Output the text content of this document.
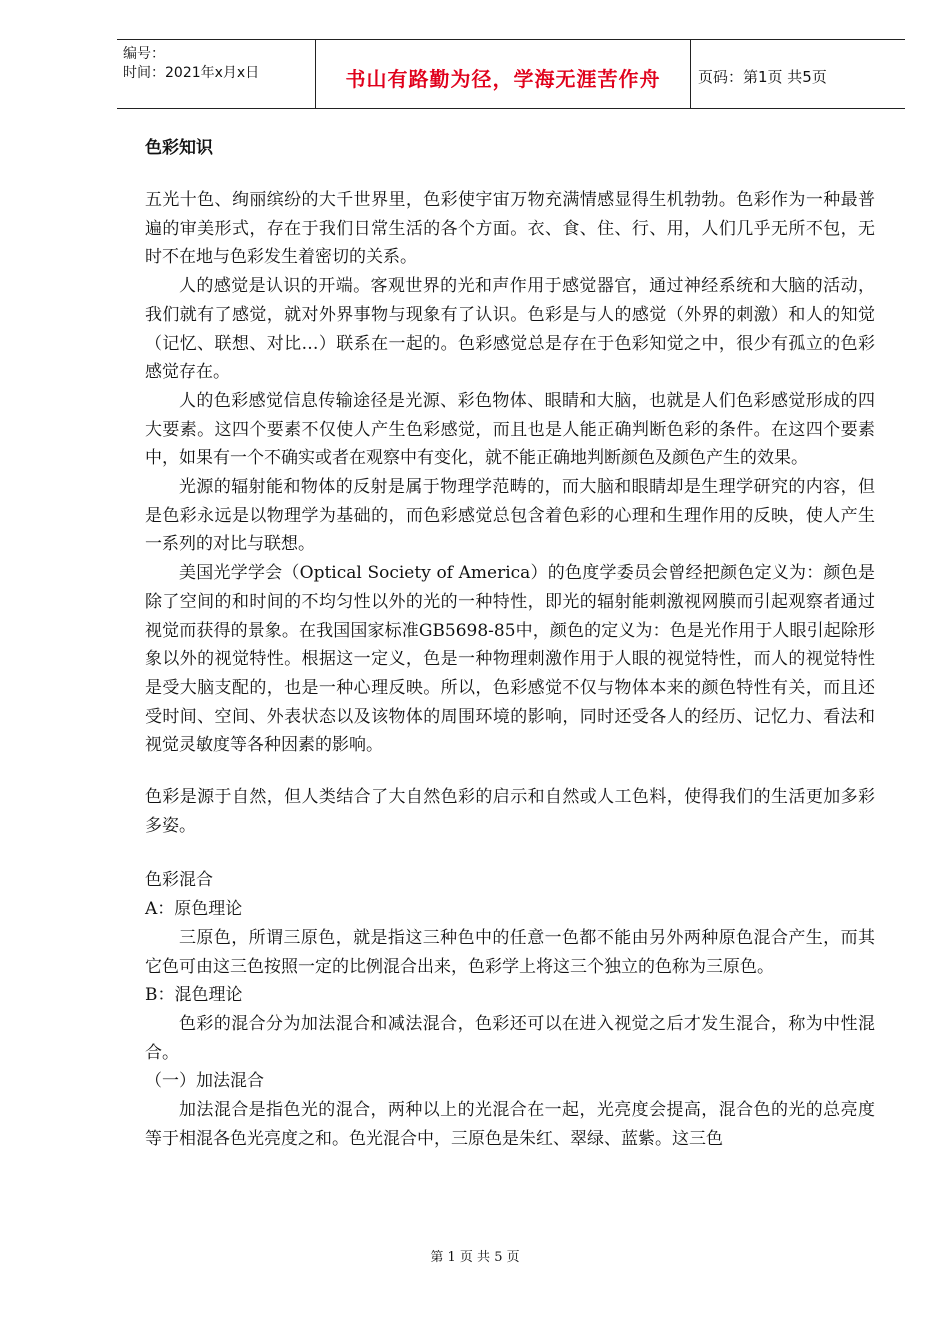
编号：
时间：2021年x月x日	书山有路勤为径，学海无涯苦作舟	页码：第1页 共5页
色彩知识

五光十色、绚丽缤纷的大千世界里，色彩使宇宙万物充满情感显得生机勃勃。色彩作为一种最普遍的审美形式，存在于我们日常生活的各个方面。衣、食、住、行、用，人们几乎无所不包，无时不在地与色彩发生着密切的关系。

人的感觉是认识的开端。客观世界的光和声作用于感觉器官，通过神经系统和大脑的活动，我们就有了感觉，就对外界事物与现象有了认识。色彩是与人的感觉（外界的刺激）和人的知觉（记忆、联想、对比…）联系在一起的。色彩感觉总是存在于色彩知觉之中，很少有孤立的色彩感觉存在。

人的色彩感觉信息传输途径是光源、彩色物体、眼睛和大脑，也就是人们色彩感觉形成的四大要素。这四个要素不仅使人产生色彩感觉，而且也是人能正确判断色彩的条件。在这四个要素中，如果有一个不确实或者在观察中有变化，就不能正确地判断颜色及颜色产生的效果。

光源的辐射能和物体的反射是属于物理学范畴的，而大脑和眼睛却是生理学研究的内容，但是色彩永远是以物理学为基础的，而色彩感觉总包含着色彩的心理和生理作用的反映，使人产生一系列的对比与联想。

美国光学学会（Optical Society of America）的色度学委员会曾经把颜色定义为：颜色是除了空间的和时间的不均匀性以外的光的一种特性，即光的辐射能刺激视网膜而引起观察者通过视觉而获得的景象。在我国国家标准GB5698-85中，颜色的定义为：色是光作用于人眼引起除形象以外的视觉特性。根据这一定义，色是一种物理刺激作用于人眼的视觉特性，而人的视觉特性是受大脑支配的，也是一种心理反映。所以，色彩感觉不仅与物体本来的颜色特性有关，而且还受时间、空间、外表状态以及该物体的周围环境的影响，同时还受各人的经历、记忆力、看法和视觉灵敏度等各种因素的影响。

色彩是源于自然，但人类结合了大自然色彩的启示和自然或人工色料，使得我们的生活更加多彩多姿。

色彩混合

A：原色理论

三原色，所谓三原色，就是指这三种色中的任意一色都不能由另外两种原色混合产生，而其它色可由这三色按照一定的比例混合出来，色彩学上将这三个独立的色称为三原色。

B：混色理论

色彩的混合分为加法混合和减法混合，色彩还可以在进入视觉之后才发生混合，称为中性混合。

（一）加法混合

加法混合是指色光的混合，两种以上的光混合在一起，光亮度会提高，混合色的光的总亮度等于相混各色光亮度之和。色光混合中，三原色是朱红、翠绿、蓝紫。这三色

第 1 页 共 5 页
